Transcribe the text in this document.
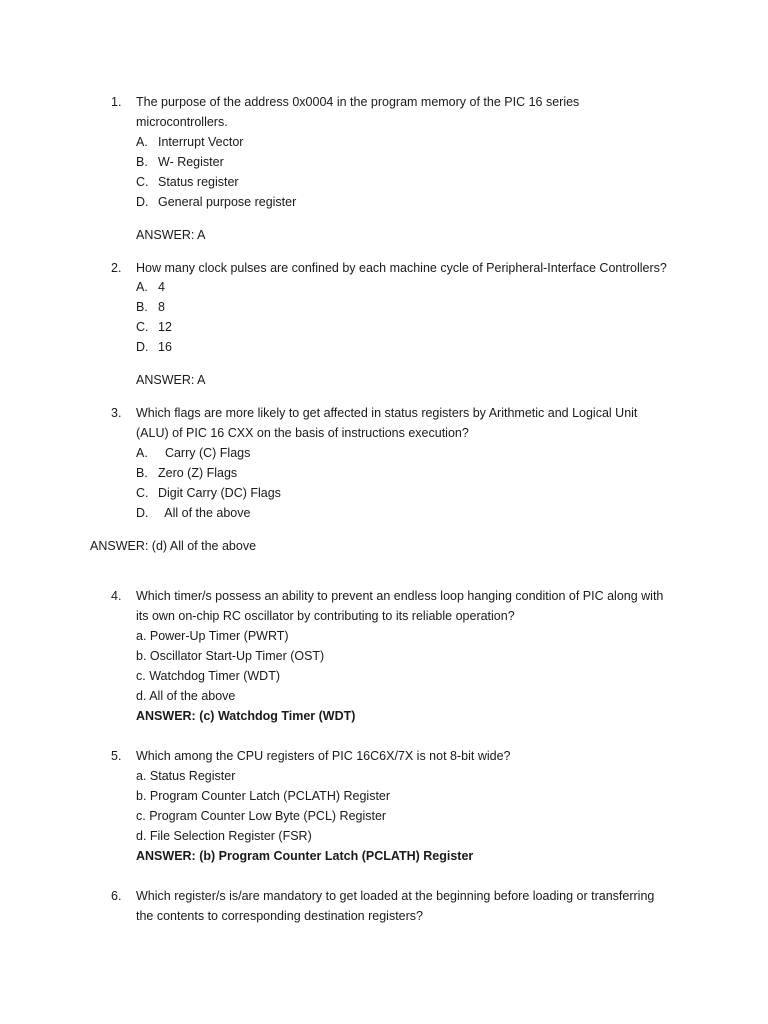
1. The purpose of the address 0x0004 in the program memory of the PIC 16 series
microcontrollers.
A. Interrupt Vector
B. W- Register
C. Status register
D. General purpose register
ANSWER: A
2. How many clock pulses are confined by each machine cycle of Peripheral-Interface Controllers?
A. 4
B. 8
C. 12
D. 16
ANSWER: A
3. Which flags are more likely to get affected in status registers by Arithmetic and Logical Unit
(ALU) of PIC 16 CXX on the basis of instructions execution?
A.  Carry (C) Flags
B. Zero (Z) Flags
C. Digit Carry (DC) Flags
D.  All of the above
ANSWER: (d) All of the above
4. Which timer/s possess an ability to prevent an endless loop hanging condition of PIC along with
its own on-chip RC oscillator by contributing to its reliable operation?
a. Power-Up Timer (PWRT)
b. Oscillator Start-Up Timer (OST)
c. Watchdog Timer (WDT)
d. All of the above
ANSWER: (c) Watchdog Timer (WDT)
5. Which among the CPU registers of PIC 16C6X/7X is not 8-bit wide?
a. Status Register
b. Program Counter Latch (PCLATH) Register
c. Program Counter Low Byte (PCL) Register
d. File Selection Register (FSR)
ANSWER: (b) Program Counter Latch (PCLATH) Register
6. Which register/s is/are mandatory to get loaded at the beginning before loading or transferring
the contents to corresponding destination registers?
